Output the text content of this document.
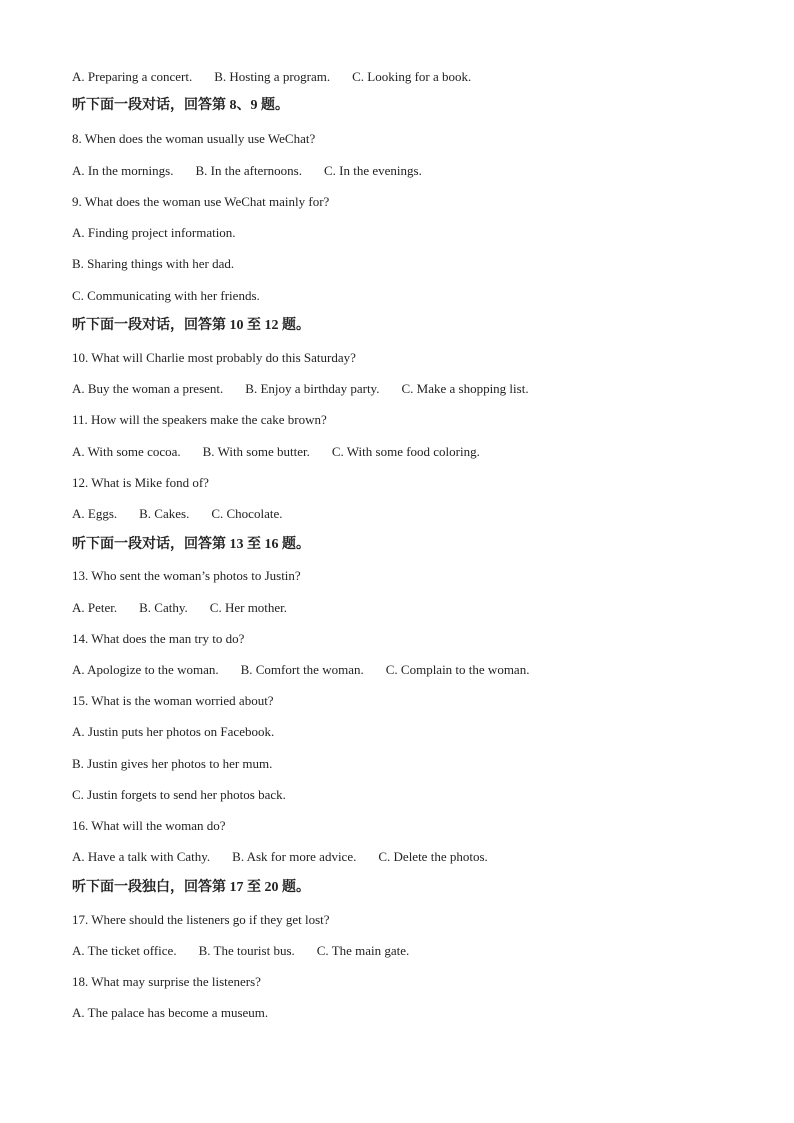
A. Preparing a concert. B. Hosting a program. C. Looking for a book.
听下面一段对话，回答第 8、9 题。
8. When does the woman usually use WeChat?
A. In the mornings. B. In the afternoons. C. In the evenings.
9. What does the woman use WeChat mainly for?
A. Finding project information.
B. Sharing things with her dad.
C. Communicating with her friends.
听下面一段对话，回答第 10 至 12 题。
10. What will Charlie most probably do this Saturday?
A. Buy the woman a present. B. Enjoy a birthday party. C. Make a shopping list.
11. How will the speakers make the cake brown?
A. With some cocoa. B. With some butter. C. With some food coloring.
12. What is Mike fond of?
A. Eggs. B. Cakes. C. Chocolate.
听下面一段对话，回答第 13 至 16 题。
13. Who sent the woman’s photos to Justin?
A. Peter. B. Cathy. C. Her mother.
14. What does the man try to do?
A. Apologize to the woman. B. Comfort the woman. C. Complain to the woman.
15. What is the woman worried about?
A. Justin puts her photos on Facebook.
B. Justin gives her photos to her mum.
C. Justin forgets to send her photos back.
16. What will the woman do?
A. Have a talk with Cathy. B. Ask for more advice. C. Delete the photos.
听下面一段独白，回答第 17 至 20 题。
17. Where should the listeners go if they get lost?
A. The ticket office. B. The tourist bus. C. The main gate.
18. What may surprise the listeners?
A. The palace has become a museum.
